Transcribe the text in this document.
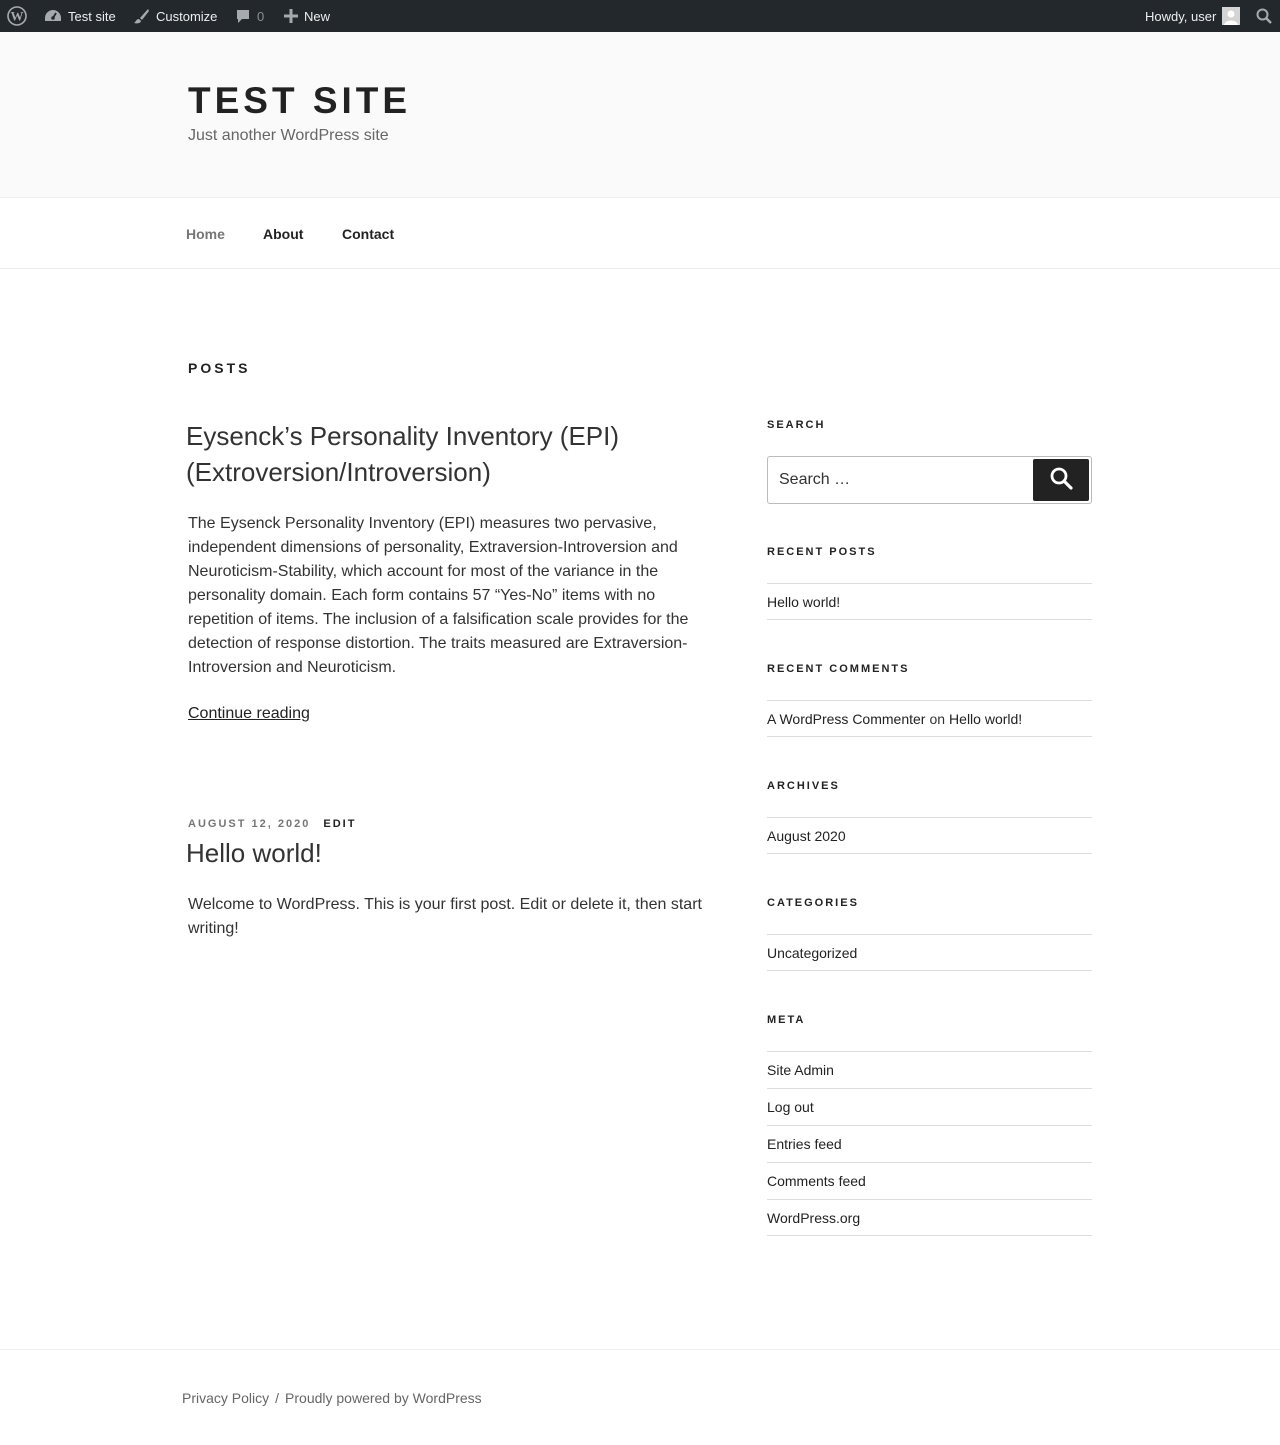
W	Test site	Customize	0	New	Howdy, user
TEST SITE
Just another WordPress site
Home	About	Contact
POSTS
Eysenck’s Personality Inventory (EPI) (Extroversion/Introversion)
The Eysenck Personality Inventory (EPI) measures two pervasive, independent dimensions of personality, Extraversion-Introversion and Neuroticism-Stability, which account for most of the variance in the personality domain. Each form contains 57 “Yes-No” items with no repetition of items. The inclusion of a falsification scale provides for the detection of response distortion. The traits measured are Extraversion-Introversion and Neuroticism.
Continue reading
AUGUST 12, 2020 EDIT
Hello world!
Welcome to WordPress. This is your first post. Edit or delete it, then start writing!
SEARCH
Search …
RECENT POSTS
Hello world!
RECENT COMMENTS
A WordPress Commenter on Hello world!
ARCHIVES
August 2020
CATEGORIES
Uncategorized
META
Site Admin
Log out
Entries feed
Comments feed
WordPress.org
Privacy Policy / Proudly powered by WordPress
